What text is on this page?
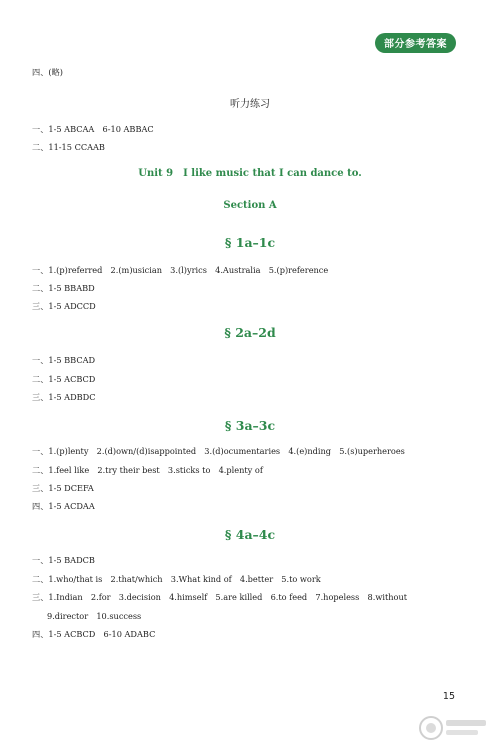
部分参考答案
四、(略)
听力练习
一、1-5 ABCAA　6-10 ABBAC
二、11-15 CCAAB
Unit 9　I like music that I can dance to.
Section A
§ 1a–1c
一、1.(p)referred　2.(m)usician　3.(l)yrics　4.Australia　5.(p)reference
二、1-5 BBABD
三、1-5 ADCCD
§ 2a–2d
一、1-5 BBCAD
二、1-5 ACBCD
三、1-5 ADBDC
§ 3a–3c
一、1.(p)lenty　2.(d)own/(d)isappointed　3.(d)ocumentaries　4.(e)nding　5.(s)uperheroes
二、1.feel like　2.try their best　3.sticks to　4.plenty of
三、1-5 DCEFA
四、1-5 ACDAA
§ 4a–4c
一、1-5 BADCB
二、1.who/that is　2.that/which　3.What kind of　4.better　5.to work
三、1.Indian　2.for　3.decision　4.himself　5.are killed　6.to feed　7.hopeless　8.without
9.director　10.success
四、1-5 ACBCD　6-10 ADABC
15
